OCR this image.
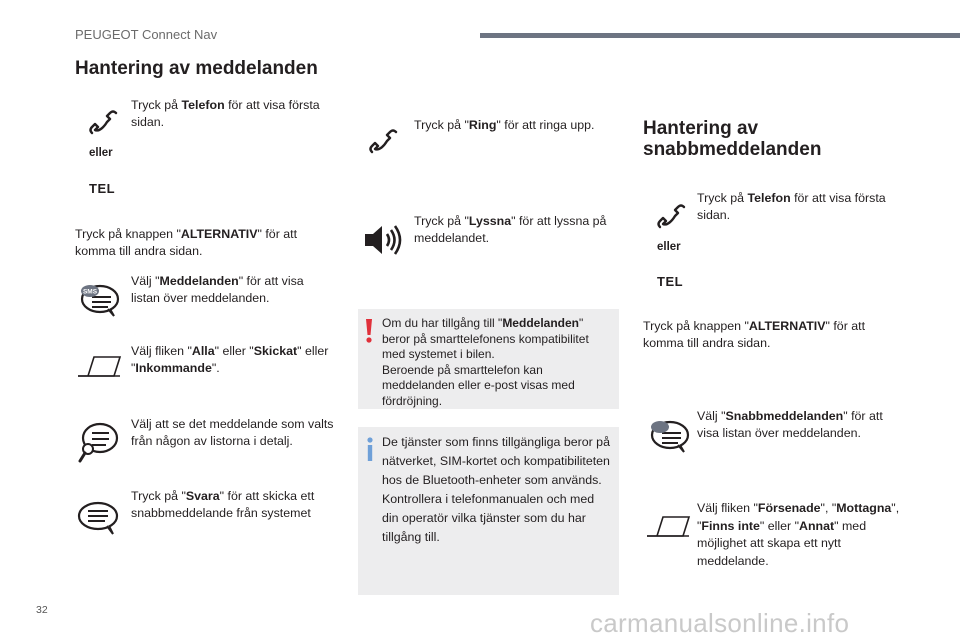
PEUGEOT Connect Nav
Hantering av meddelanden
Tryck på Telefon för att visa första sidan.
eller
TEL
Tryck på knappen "ALTERNATIV" för att komma till andra sidan.
SMS
Välj "Meddelanden" för att visa listan över meddelanden.
Välj fliken "Alla" eller "Skickat" eller "Inkommande".
Välj att se det meddelande som valts från någon av listorna i detalj.
Tryck på "Svara" för att skicka ett snabbmeddelande från systemet
Tryck på "Ring" för att ringa upp.
Tryck på "Lyssna" för att lyssna på meddelandet.
Om du har tillgång till "Meddelanden" beror på smarttelefonens kompatibilitet med systemet i bilen.
Beroende på smarttelefon kan meddelanden eller e-post visas med fördröjning.
De tjänster som finns tillgängliga beror på nätverket, SIM-kortet och kompatibiliteten hos de Bluetooth-enheter som används. Kontrollera i telefonmanualen och med din operatör vilka tjänster som du har tillgång till.
Hantering av
snabbmeddelanden
Tryck på Telefon för att visa första sidan.
eller
TEL
Tryck på knappen "ALTERNATIV" för att komma till andra sidan.
Välj "Snabbmeddelanden" för att visa listan över meddelanden.
Välj fliken "Försenade", "Mottagna", "Finns inte" eller "Annat" med möjlighet att skapa ett nytt meddelande.
32	carmanualsonline.info
